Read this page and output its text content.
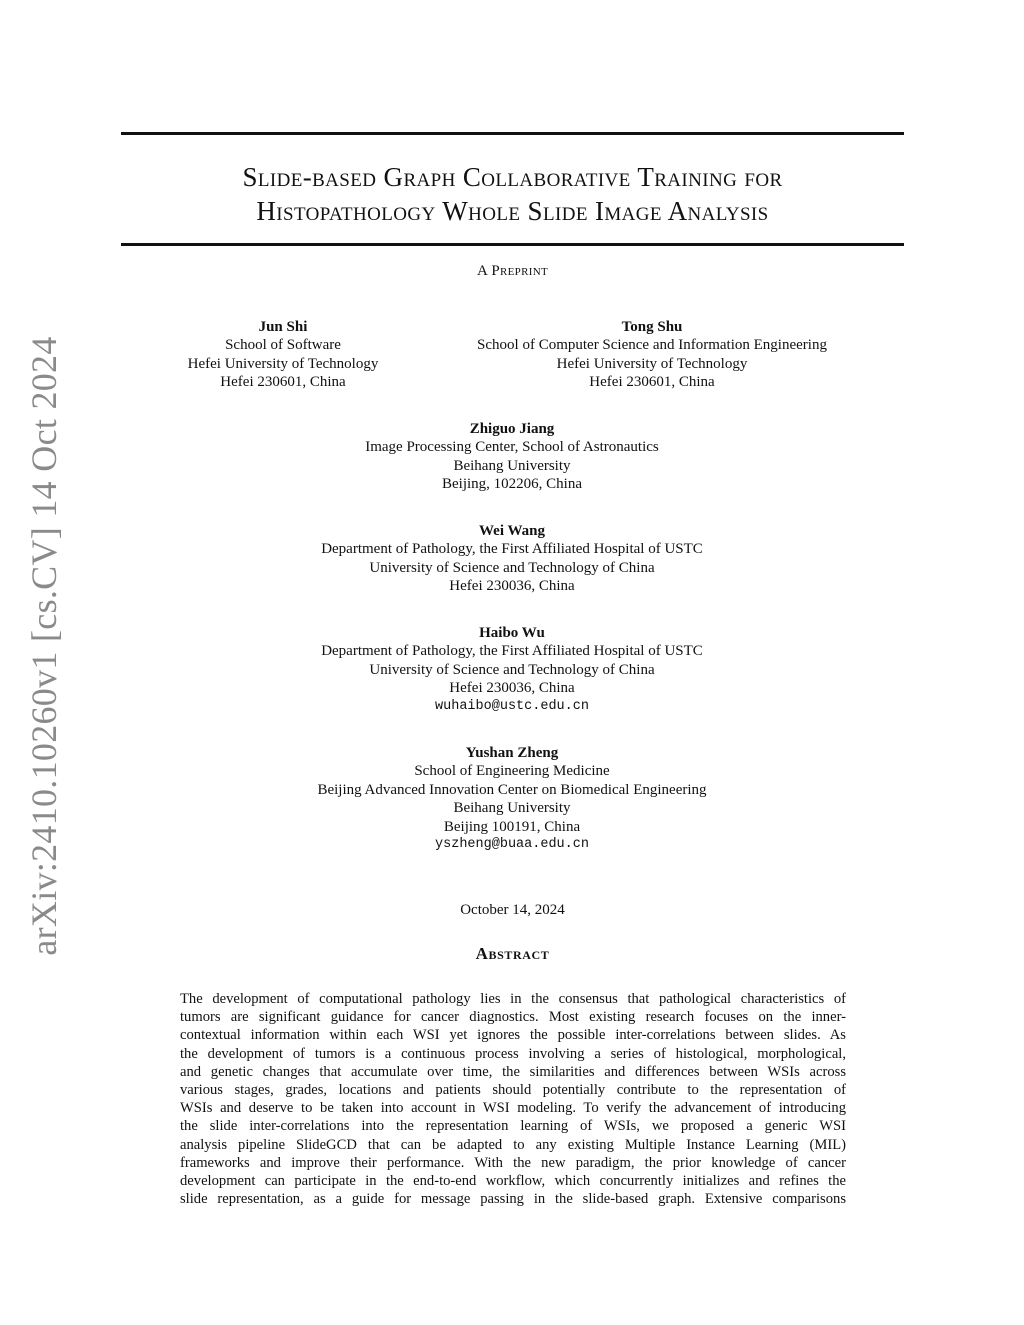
arXiv:2410.10260v1 [cs.CV] 14 Oct 2024
Slide-based Graph Collaborative Training for
Histopathology Whole Slide Image Analysis
A Preprint
Jun Shi
School of Software
Hefei University of Technology
Hefei 230601, China
Tong Shu
School of Computer Science and Information Engineering
Hefei University of Technology
Hefei 230601, China
Zhiguo Jiang
Image Processing Center, School of Astronautics
Beihang University
Beijing, 102206, China
Wei Wang
Department of Pathology, the First Affiliated Hospital of USTC
University of Science and Technology of China
Hefei 230036, China
Haibo Wu
Department of Pathology, the First Affiliated Hospital of USTC
University of Science and Technology of China
Hefei 230036, China
wuhaibo@ustc.edu.cn
Yushan Zheng
School of Engineering Medicine
Beijing Advanced Innovation Center on Biomedical Engineering
Beihang University
Beijing 100191, China
yszheng@buaa.edu.cn
October 14, 2024
Abstract
The development of computational pathology lies in the consensus that pathological characteristics of
tumors are significant guidance for cancer diagnostics. Most existing research focuses on the inner-
contextual information within each WSI yet ignores the possible inter-correlations between slides. As
the development of tumors is a continuous process involving a series of histological, morphological,
and genetic changes that accumulate over time, the similarities and differences between WSIs across
various stages, grades, locations and patients should potentially contribute to the representation of
WSIs and deserve to be taken into account in WSI modeling. To verify the advancement of introducing
the slide inter-correlations into the representation learning of WSIs, we proposed a generic WSI
analysis pipeline SlideGCD that can be adapted to any existing Multiple Instance Learning (MIL)
frameworks and improve their performance. With the new paradigm, the prior knowledge of cancer
development can participate in the end-to-end workflow, which concurrently initializes and refines the
slide representation, as a guide for message passing in the slide-based graph. Extensive comparisons
